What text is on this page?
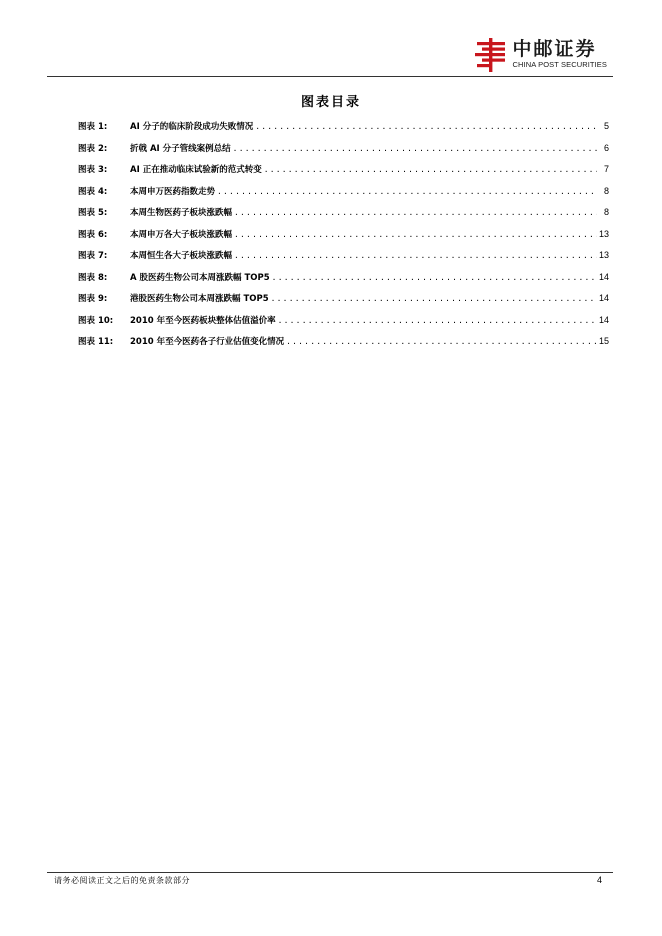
中邮证券
CHINA POST SECURITIES
图表目录
图表 1:	AI 分子的临床阶段成功失败情况 .....	5
图表 2:	折戟 AI 分子管线案例总结 .....	6
图表 3:	AI 正在推动临床试验新的范式转变 .....	7
图表 4:	本周申万医药指数走势 .....	8
图表 5:	本周生物医药子板块涨跌幅 .....	8
图表 6:	本周申万各大子板块涨跌幅 .....	13
图表 7:	本周恒生各大子板块涨跌幅 .....	13
图表 8:	A 股医药生物公司本周涨跌幅 TOP5 .....	14
图表 9:	港股医药生物公司本周涨跌幅 TOP5 .....	14
图表 10:	2010 年至今医药板块整体估值溢价率 .....	14
图表 11:	2010 年至今医药各子行业估值变化情况 .....	15
请务必阅读正文之后的免责条款部分	4
